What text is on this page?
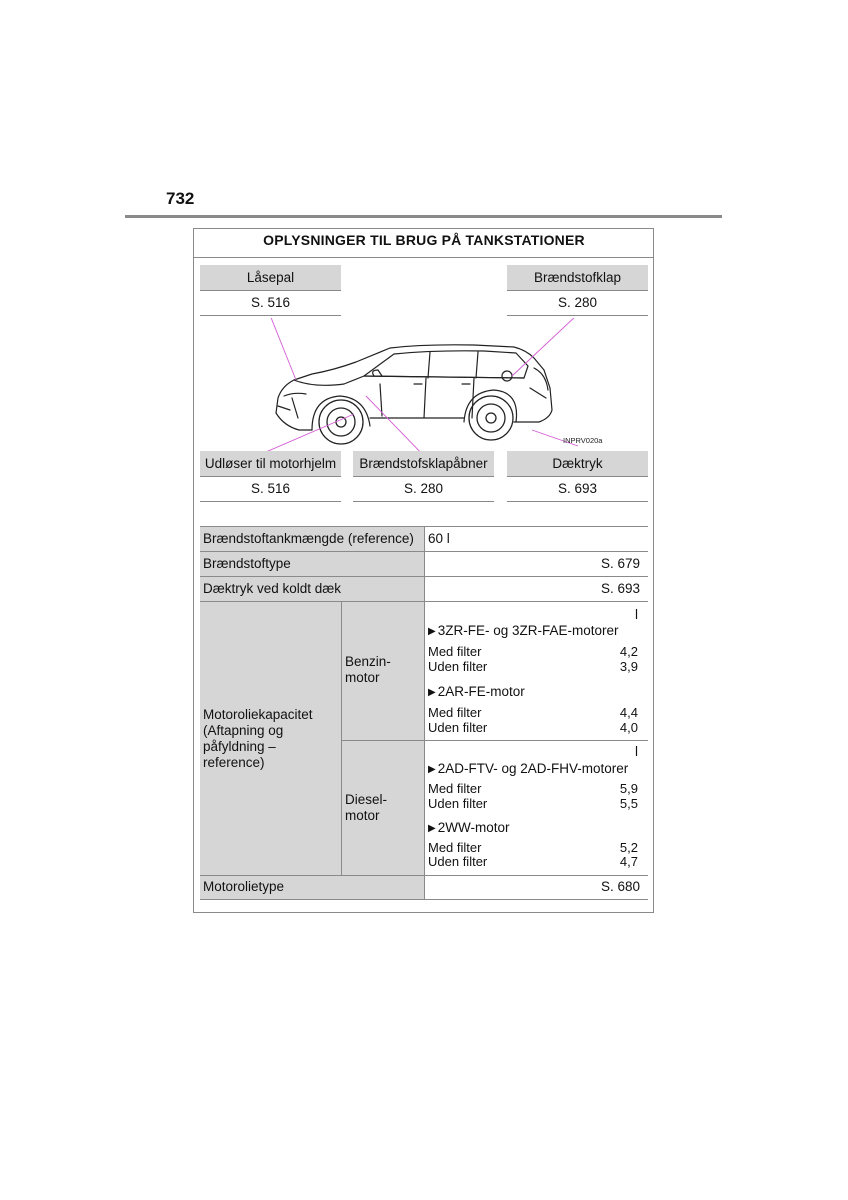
732
OPLYSNINGER TIL BRUG PÅ TANKSTATIONER
Låsepal
S. 516
Brændstofklap
S. 280
INPRV020a
Udløser til motorhjelm
S. 516
Brændstofsklapåbner
S. 280
Dæktryk
S. 693
Brændstoftankmængde (reference) 60 l
Brændstoftype	S. 679
Dæktryk ved koldt dæk	S. 693
Motoroliekapacitet (Aftapning og påfyldning – reference)
Benzin-motor
l
▶ 3ZR-FE- og 3ZR-FAE-motorer
Med filter	4,2
Uden filter	3,9
▶ 2AR-FE-motor
Med filter	4,4
Uden filter	4,0
Diesel-motor
l
▶ 2AD-FTV- og 2AD-FHV-motorer
Med filter	5,9
Uden filter	5,5
▶ 2WW-motor
Med filter	5,2
Uden filter	4,7
Motorolietype	S. 680
